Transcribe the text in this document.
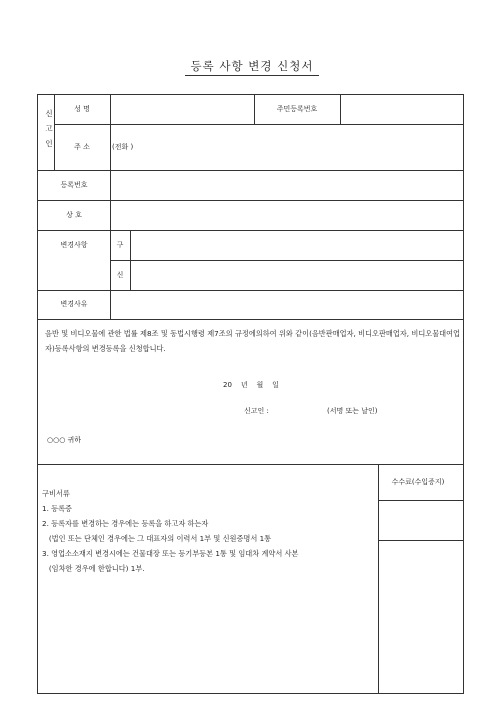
등록 사항 변경 신청서
신
고
인
성 명	주민등록번호
주 소	(전화 )
등록번호
상 호
변경사항	구
신
변경사유
음반 및 비디오물에 관한 법률 제8조 및 동법시행령 제7조의 규정에의하여 위와 같이(음반판매업자, 비디오판매업자, 비디오물대여업자)등록사항의 변경등록을 신청합니다.
20    년    월    일
신고인 :	(서명 또는 날인)
○○○ 귀하
구비서류
1. 등록증
2. 등록자를 변경하는 경우에는 등록을 하고자 하는자
(법인 또는 단체인 경우에는 그 대표자의 이력서 1부 및 신원증명서 1통
3. 영업소소재지 변경시에는 건물대장 또는 등기부등본 1통 및 임대차 계약서 사본
(임차한 경우에 한합니다) 1부.
수수료(수입증지)
